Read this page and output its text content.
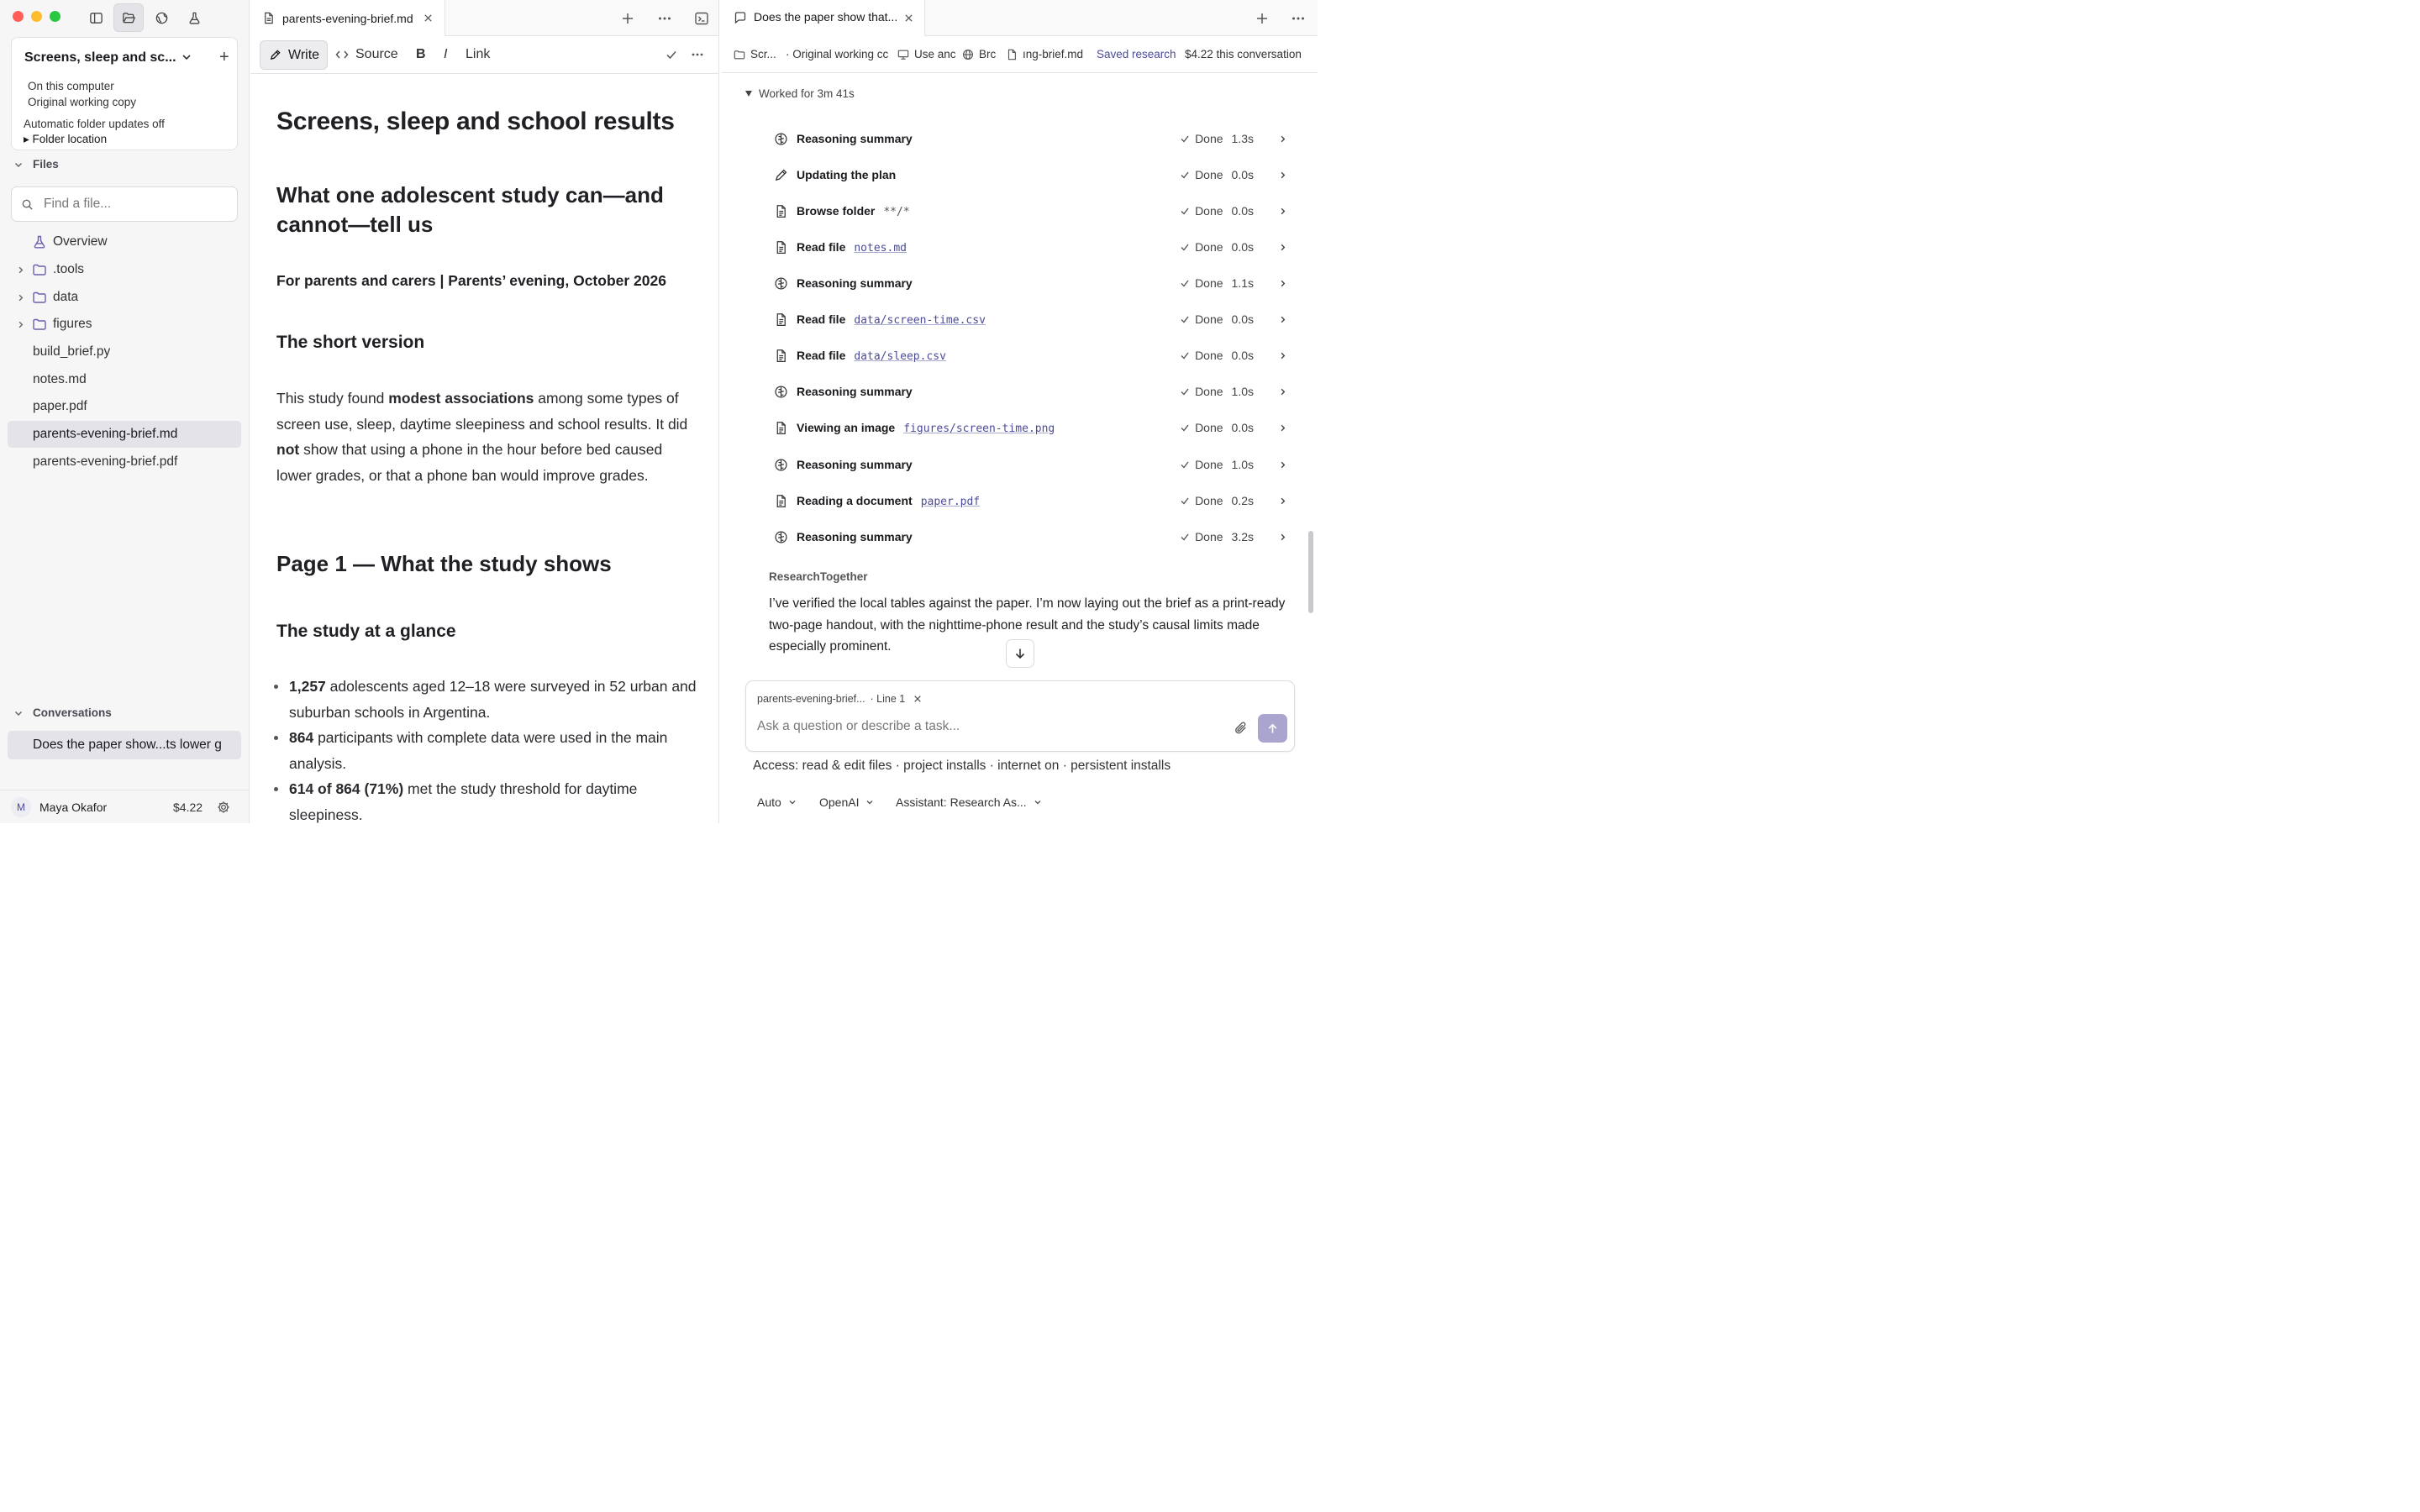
Screens, sleep and sc...	+
On this computer
Original working copy
Automatic folder updates off
▸ Folder location
Files
Find a file...
Overview
.tools
data
figures
build_brief.py
notes.md
paper.pdf
parents-evening-brief.md
parents-evening-brief.pdf
Conversations
Does the paper show...ts lower g
M	Maya Okafor	$4.22
parents-evening-brief.md
Write	Source B I Link
Screens, sleep and school results
What one adolescent study can—and cannot—tell us
For parents and carers | Parents’ evening, October 2026
The short version

This study found modest associations among some types of screen use, sleep, daytime sleepiness and school results. It did not show that using a phone in the hour before bed caused lower grades, or that a phone ban would improve grades.

Page 1 — What the study shows
The study at a glance
1,257 adolescents aged 12–18 were surveyed in 52 urban and suburban schools in Argentina.
864 participants with complete data were used in the main analysis.
614 of 864 (71%) met the study threshold for daytime sleepiness.
Does the paper show that...
Scr... · Original working cc Use anc Brc ıng-brief.md Saved research $4.22 this conversation
Worked for 3m 41s
Reasoning summary	Done 1.3s
Updating the plan	Done 0.0s
Browse folder **/*	Done 0.0s
Read file notes.md	Done 0.0s
Reasoning summary	Done 1.1s
Read file data/screen-time.csv	Done 0.0s
Read file data/sleep.csv	Done 0.0s
Reasoning summary	Done 1.0s
Viewing an image figures/screen-time.png	Done 0.0s
Reasoning summary	Done 1.0s
Reading a document paper.pdf	Done 0.2s
Reasoning summary	Done 3.2s
ResearchTogether
I’ve verified the local tables against the paper. I’m now laying out the brief as a print-ready two-page handout, with the nighttime-phone result and the study’s causal limits made especially prominent.
parents-evening-brief... · Line 1
Ask a question or describe a task...
Access: read & edit files · project installs · internet on · persistent installs
Auto	OpenAI	Assistant: Research As...
